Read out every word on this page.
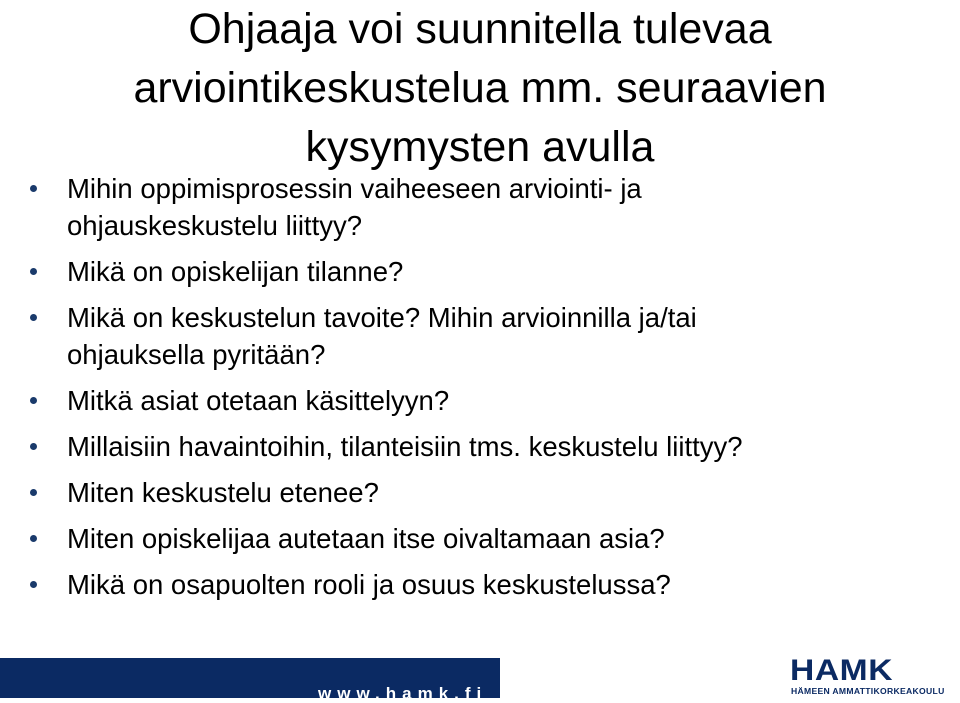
Ohjaaja voi suunnitella tulevaa
arviointikeskustelua mm. seuraavien
kysymysten avulla
Mihin oppimisprosessin vaiheeseen arviointi- ja
ohjauskeskustelu liittyy?
Mikä on opiskelijan tilanne?
Mikä on keskustelun tavoite? Mihin arvioinnilla ja/tai
ohjauksella pyritään?
Mitkä asiat otetaan käsittelyyn?
Millaisiin havaintoihin, tilanteisiin tms. keskustelu liittyy?
Miten keskustelu etenee?
Miten opiskelijaa autetaan itse oivaltamaan asia?
Mikä on osapuolten rooli ja osuus keskustelussa?
www.hamk.fi
HAMK
HÄMEEN AMMATTIKORKEAKOULU
